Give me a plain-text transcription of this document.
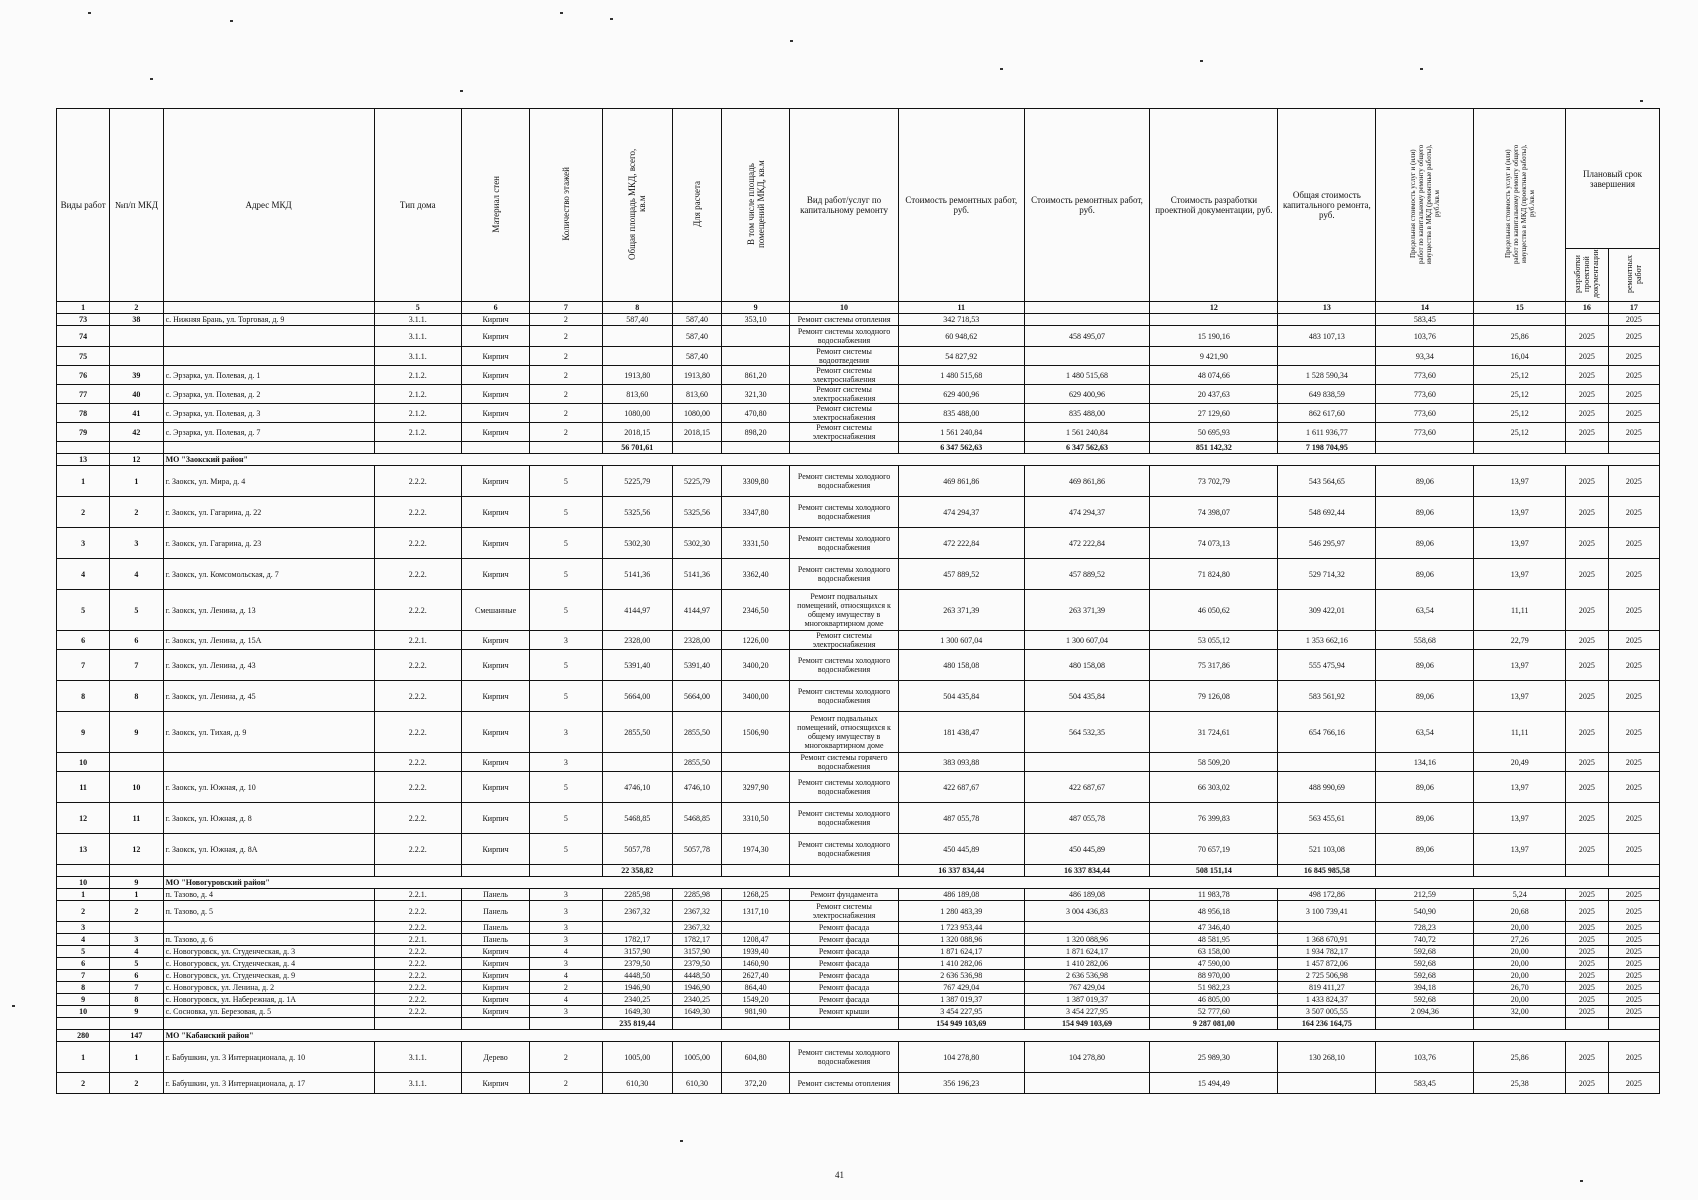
Виды работ	№п/п МКД	Адрес МКД	Тип дома	Материал стен	Количество этажей	Общая площадь МКД, всего, кв.м	Для расчета	В том числе площадь помещений МКД, кв.м	Вид работ/услуг по капитальному ремонту	Стоимость ремонтных работ, руб.	Стоимость ремонтных работ, руб.	Стоимость разработки проектной документации, руб.	Общая стоимость капитального ремонта, руб.	Предельная стоимость услуг и (или) работ по капитальному ремонту общего имущества в МКД (ремонтные работы), руб./кв.м	Предельная стоимость услуг и (или) работ по капитальному ремонту общего имущества в МКД (проектные работы), руб./кв.м	Плановый срок завершения	
																разработки проектной документации	ремонтных работ
1	2		5	6	7	8		9	10	11		12	13	14	15	16	17
73	38	с. Нижняя Брань, ул. Торговая, д. 9	3.1.1.	Кирпич	2	587,40	587,40	353,10	Ремонт системы отопления	342 718,53				583,45			2025
74			3.1.1.	Кирпич	2		587,40		Ремонт системы холодного водоснабжения	60 948,62	458 495,07	15 190,16	483 107,13	103,76	25,86	2025	2025
75			3.1.1.	Кирпич	2		587,40		Ремонт системы водоотведения	54 827,92		9 421,90		93,34	16,04	2025	2025
76	39	с. Эрзарка, ул. Полевая, д. 1	2.1.2.	Кирпич	2	1913,80	1913,80	861,20	Ремонт системы электроснабжения	1 480 515,68	1 480 515,68	48 074,66	1 528 590,34	773,60	25,12	2025	2025
77	40	с. Эрзарка, ул. Полевая, д. 2	2.1.2.	Кирпич	2	813,60	813,60	321,30	Ремонт системы электроснабжения	629 400,96	629 400,96	20 437,63	649 838,59	773,60	25,12	2025	2025
78	41	с. Эрзарка, ул. Полевая, д. 3	2.1.2.	Кирпич	2	1080,00	1080,00	470,80	Ремонт системы электроснабжения	835 488,00	835 488,00	27 129,60	862 617,60	773,60	25,12	2025	2025
79	42	с. Эрзарка, ул. Полевая, д. 7	2.1.2.	Кирпич	2	2018,15	2018,15	898,20	Ремонт системы электроснабжения	1 561 240,84	1 561 240,84	50 695,93	1 611 936,77	773,60	25,12	2025	2025
						56 701,61				6 347 562,63	6 347 562,63	851 142,32	7 198 704,95				
13	12	МО "Заокский район"															
1	1	г. Заокск, ул. Мира, д. 4	2.2.2.	Кирпич	5	5225,79	5225,79	3309,80	Ремонт системы холодного водоснабжения	469 861,86	469 861,86	73 702,79	543 564,65	89,06	13,97	2025	2025
2	2	г. Заокск, ул. Гагарина, д. 22	2.2.2.	Кирпич	5	5325,56	5325,56	3347,80	Ремонт системы холодного водоснабжения	474 294,37	474 294,37	74 398,07	548 692,44	89,06	13,97	2025	2025
3	3	г. Заокск, ул. Гагарина, д. 23	2.2.2.	Кирпич	5	5302,30	5302,30	3331,50	Ремонт системы холодного водоснабжения	472 222,84	472 222,84	74 073,13	546 295,97	89,06	13,97	2025	2025
4	4	г. Заокск, ул. Комсомольская, д. 7	2.2.2.	Кирпич	5	5141,36	5141,36	3362,40	Ремонт системы холодного водоснабжения	457 889,52	457 889,52	71 824,80	529 714,32	89,06	13,97	2025	2025
5	5	г. Заокск, ул. Ленина, д. 13	2.2.2.	Смешанные	5	4144,97	4144,97	2346,50	Ремонт подвальных помещений, относящихся к общему имуществу в многоквартирном доме	263 371,39	263 371,39	46 050,62	309 422,01	63,54	11,11	2025	2025
6	6	г. Заокск, ул. Ленина, д. 15А	2.2.1.	Кирпич	3	2328,00	2328,00	1226,00	Ремонт системы электроснабжения	1 300 607,04	1 300 607,04	53 055,12	1 353 662,16	558,68	22,79	2025	2025
7	7	г. Заокск, ул. Ленина, д. 43	2.2.2.	Кирпич	5	5391,40	5391,40	3400,20	Ремонт системы холодного водоснабжения	480 158,08	480 158,08	75 317,86	555 475,94	89,06	13,97	2025	2025
8	8	г. Заокск, ул. Ленина, д. 45	2.2.2.	Кирпич	5	5664,00	5664,00	3400,00	Ремонт системы холодного водоснабжения	504 435,84	504 435,84	79 126,08	583 561,92	89,06	13,97	2025	2025
9	9	г. Заокск, ул. Тихая, д. 9	2.2.2.	Кирпич	3	2855,50	2855,50	1506,90	Ремонт подвальных помещений, относящихся к общему имуществу в многоквартирном доме	181 438,47	564 532,35	31 724,61	654 766,16	63,54	11,11	2025	2025
10			2.2.2.	Кирпич	3		2855,50		Ремонт системы горячего водоснабжения	383 093,88		58 509,20		134,16	20,49	2025	2025
11	10	г. Заокск, ул. Южная, д. 10	2.2.2.	Кирпич	5	4746,10	4746,10	3297,90	Ремонт системы холодного водоснабжения	422 687,67	422 687,67	66 303,02	488 990,69	89,06	13,97	2025	2025
12	11	г. Заокск, ул. Южная, д. 8	2.2.2.	Кирпич	5	5468,85	5468,85	3310,50	Ремонт системы холодного водоснабжения	487 055,78	487 055,78	76 399,83	563 455,61	89,06	13,97	2025	2025
13	12	г. Заокск, ул. Южная, д. 8А	2.2.2.	Кирпич	5	5057,78	5057,78	1974,30	Ремонт системы холодного водоснабжения	450 445,89	450 445,89	70 657,19	521 103,08	89,06	13,97	2025	2025
						22 358,82				16 337 834,44	16 337 834,44	508 151,14	16 845 985,58				
10	9	МО "Новогуровский район"															
1	1	п. Тазово, д. 4	2.2.1.	Панель	3	2285,98	2285,98	1268,25	Ремонт фундамента	486 189,08	486 189,08	11 983,78	498 172,86	212,59	5,24	2025	2025
2	2	п. Тазово, д. 5	2.2.2.	Панель	3	2367,32	2367,32	1317,10	Ремонт системы электроснабжения	1 280 483,39	3 004 436,83	48 956,18	3 100 739,41	540,90	20,68	2025	2025
3			2.2.2.	Панель	3		2367,32		Ремонт фасада	1 723 953,44		47 346,40		728,23	20,00	2025	2025
4	3	п. Тазово, д. 6	2.2.1.	Панель	3	1782,17	1782,17	1208,47	Ремонт фасада	1 320 088,96	1 320 088,96	48 581,95	1 368 670,91	740,72	27,26	2025	2025
5	4	с. Новогуровск, ул. Студенческая, д. 3	2.2.2.	Кирпич	4	3157,90	3157,90	1939,40	Ремонт фасада	1 871 624,17	1 871 624,17	63 158,00	1 934 782,17	592,68	20,00	2025	2025
6	5	с. Новогуровск, ул. Студенческая, д. 4	2.2.2.	Кирпич	3	2379,50	2379,50	1460,90	Ремонт фасада	1 410 282,06	1 410 282,06	47 590,00	1 457 872,06	592,68	20,00	2025	2025
7	6	с. Новогуровск, ул. Студенческая, д. 9	2.2.2.	Кирпич	4	4448,50	4448,50	2627,40	Ремонт фасада	2 636 536,98	2 636 536,98	88 970,00	2 725 506,98	592,68	20,00	2025	2025
8	7	с. Новогуровск, ул. Ленина, д. 2	2.2.2.	Кирпич	2	1946,90	1946,90	864,40	Ремонт фасада	767 429,04	767 429,04	51 982,23	819 411,27	394,18	26,70	2025	2025
9	8	с. Новогуровск, ул. Набережная, д. 1А	2.2.2.	Кирпич	4	2340,25	2340,25	1549,20	Ремонт фасада	1 387 019,37	1 387 019,37	46 805,00	1 433 824,37	592,68	20,00	2025	2025
10	9	с. Сосновка, ул. Березовая, д. 5	2.2.2.	Кирпич	3	1649,30	1649,30	981,90	Ремонт крыши	3 454 227,95	3 454 227,95	52 777,60	3 507 005,55	2 094,36	32,00	2025	2025
						235 819,44				154 949 103,69	154 949 103,69	9 287 081,00	164 236 164,75				
280	147	МО "Кабанский район"															
1	1	г. Бабушкин, ул. 3 Интернационала, д. 10	3.1.1.	Дерево	2	1005,00	1005,00	604,80	Ремонт системы холодного водоснабжения	104 278,80	104 278,80	25 989,30	130 268,10	103,76	25,86	2025	2025
2	2	г. Бабушкин, ул. 3 Интернационала, д. 17	3.1.1.	Кирпич	2	610,30	610,30	372,20	Ремонт системы отопления	356 196,23		15 494,49		583,45	25,38	2025	2025
41
